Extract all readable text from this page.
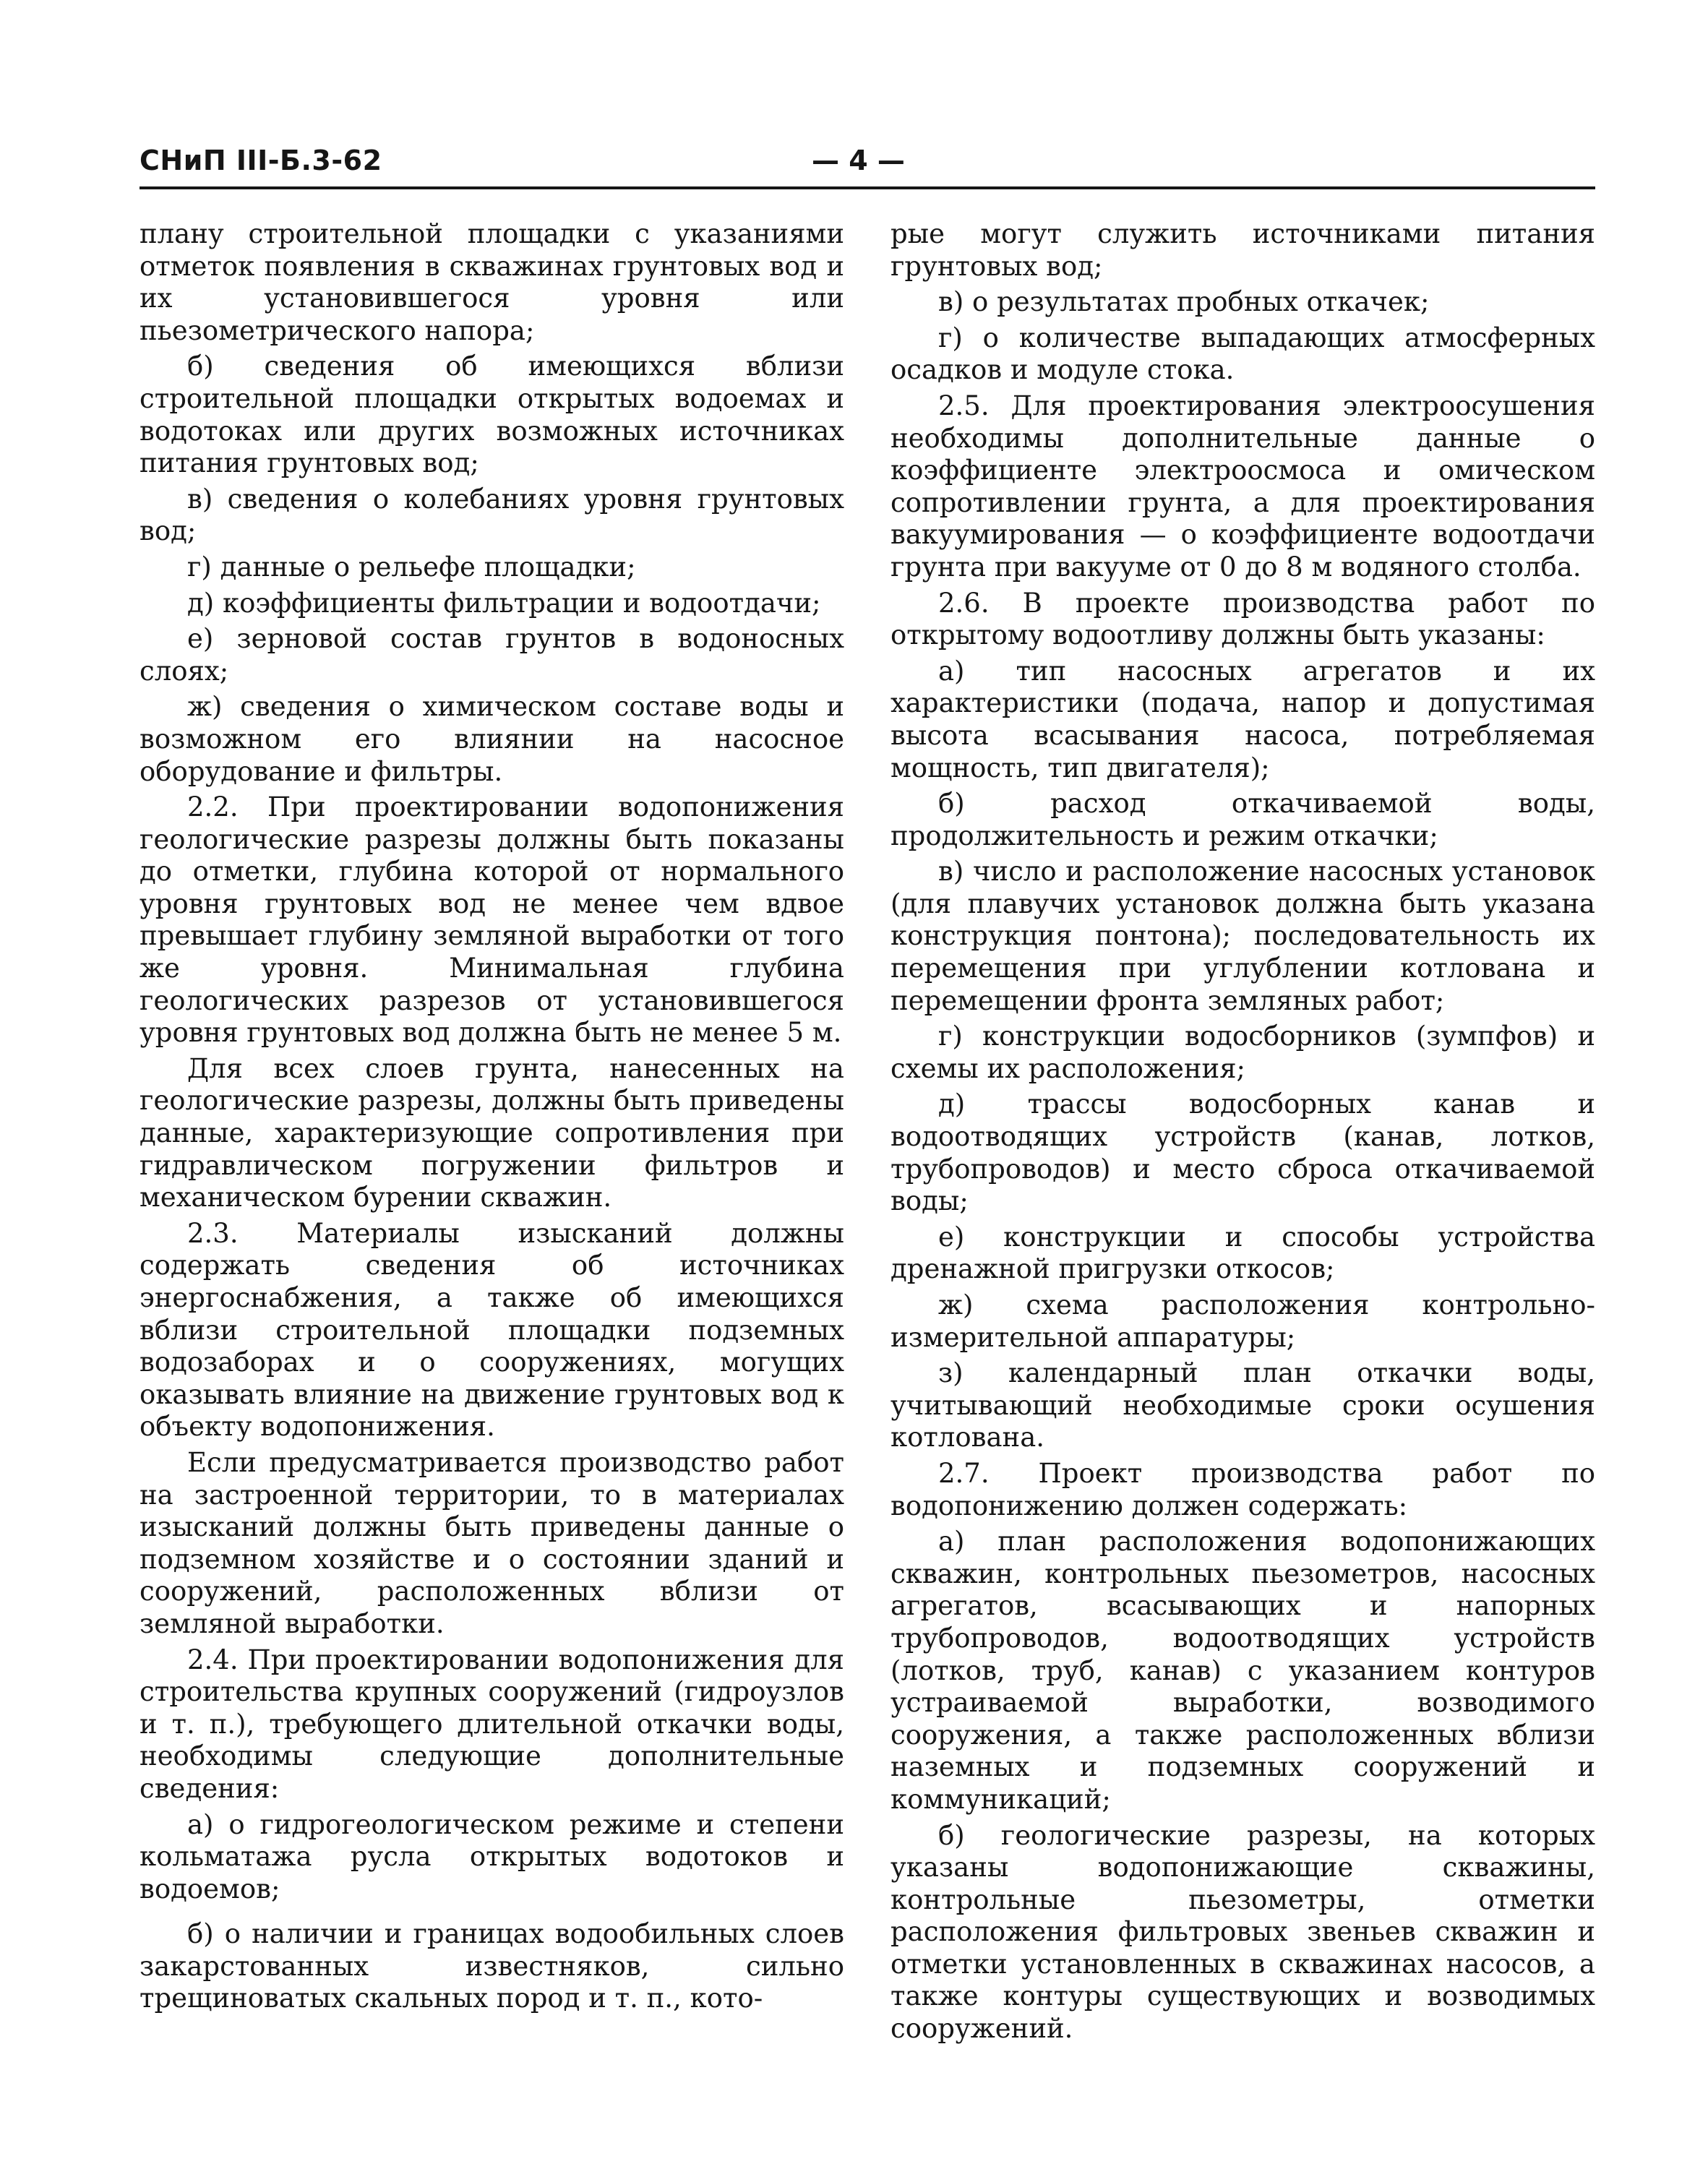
СНиП III-Б.3-62	— 4 —

плану строительной площадки с указаниями отметок появления в скважинах грунтовых вод и их установившегося уровня или пьезометрического напора;

б) сведения об имеющихся вблизи строительной площадки открытых водоемах и водотоках или других возможных источниках питания грунтовых вод;

в) сведения о колебаниях уровня грунтовых вод;

г) данные о рельефе площадки;

д) коэффициенты фильтрации и водоотдачи;

е) зерновой состав грунтов в водоносных слоях;

ж) сведения о химическом составе воды и возможном его влиянии на насосное оборудование и фильтры.

2.2. При проектировании водопонижения геологические разрезы должны быть показаны до отметки, глубина которой от нормального уровня грунтовых вод не менее чем вдвое превышает глубину земляной выработки от того же уровня. Минимальная глубина геологических разрезов от установившегося уровня грунтовых вод должна быть не менее 5 м.

Для всех слоев грунта, нанесенных на геологические разрезы, должны быть приведены данные, характеризующие сопротивления при гидравлическом погружении фильтров и механическом бурении скважин.

2.3. Материалы изысканий должны содержать сведения об источниках энергоснабжения, а также об имеющихся вблизи строительной площадки подземных водозаборах и о сооружениях, могущих оказывать влияние на движение грунтовых вод к объекту водопонижения.

Если предусматривается производство работ на застроенной территории, то в материалах изысканий должны быть приведены данные о подземном хозяйстве и о состоянии зданий и сооружений, расположенных вблизи от земляной выработки.

2.4. При проектировании водопонижения для строительства крупных сооружений (гидроузлов и т. п.), требующего длительной откачки воды, необходимы следующие дополнительные сведения:

а) о гидрогеологическом режиме и степени кольматажа русла открытых водотоков и водоемов;

б) о наличии и границах водообильных слоев закарстованных известняков, сильно трещиноватых скальных пород и т. п., кото-

рые могут служить источниками питания грунтовых вод;

в) о результатах пробных откачек;

г) о количестве выпадающих атмосферных осадков и модуле стока.

2.5. Для проектирования электроосушения необходимы дополнительные данные о коэффициенте электроосмоса и омическом сопротивлении грунта, а для проектирования вакуумирования — о коэффициенте водоотдачи грунта при вакууме от 0 до 8 м водяного столба.

2.6. В проекте производства работ по открытому водоотливу должны быть указаны:

а) тип насосных агрегатов и их характеристики (подача, напор и допустимая высота всасывания насоса, потребляемая мощность, тип двигателя);

б) расход откачиваемой воды, продолжительность и режим откачки;

в) число и расположение насосных установок (для плавучих установок должна быть указана конструкция понтона); последовательность их перемещения при углублении котлована и перемещении фронта земляных работ;

г) конструкции водосборников (зумпфов) и схемы их расположения;

д) трассы водосборных канав и водоотводящих устройств (канав, лотков, трубопроводов) и место сброса откачиваемой воды;

е) конструкции и способы устройства дренажной пригрузки откосов;

ж) схема расположения контрольно-измерительной аппаратуры;

з) календарный план откачки воды, учитывающий необходимые сроки осушения котлована.

2.7. Проект производства работ по водопонижению должен содержать:

а) план расположения водопонижающих скважин, контрольных пьезометров, насосных агрегатов, всасывающих и напорных трубопроводов, водоотводящих устройств (лотков, труб, канав) с указанием контуров устраиваемой выработки, возводимого сооружения, а также расположенных вблизи наземных и подземных сооружений и коммуникаций;

б) геологические разрезы, на которых указаны водопонижающие скважины, контрольные пьезометры, отметки расположения фильтровых звеньев скважин и отметки установленных в скважинах насосов, а также контуры существующих и возводимых сооружений.
